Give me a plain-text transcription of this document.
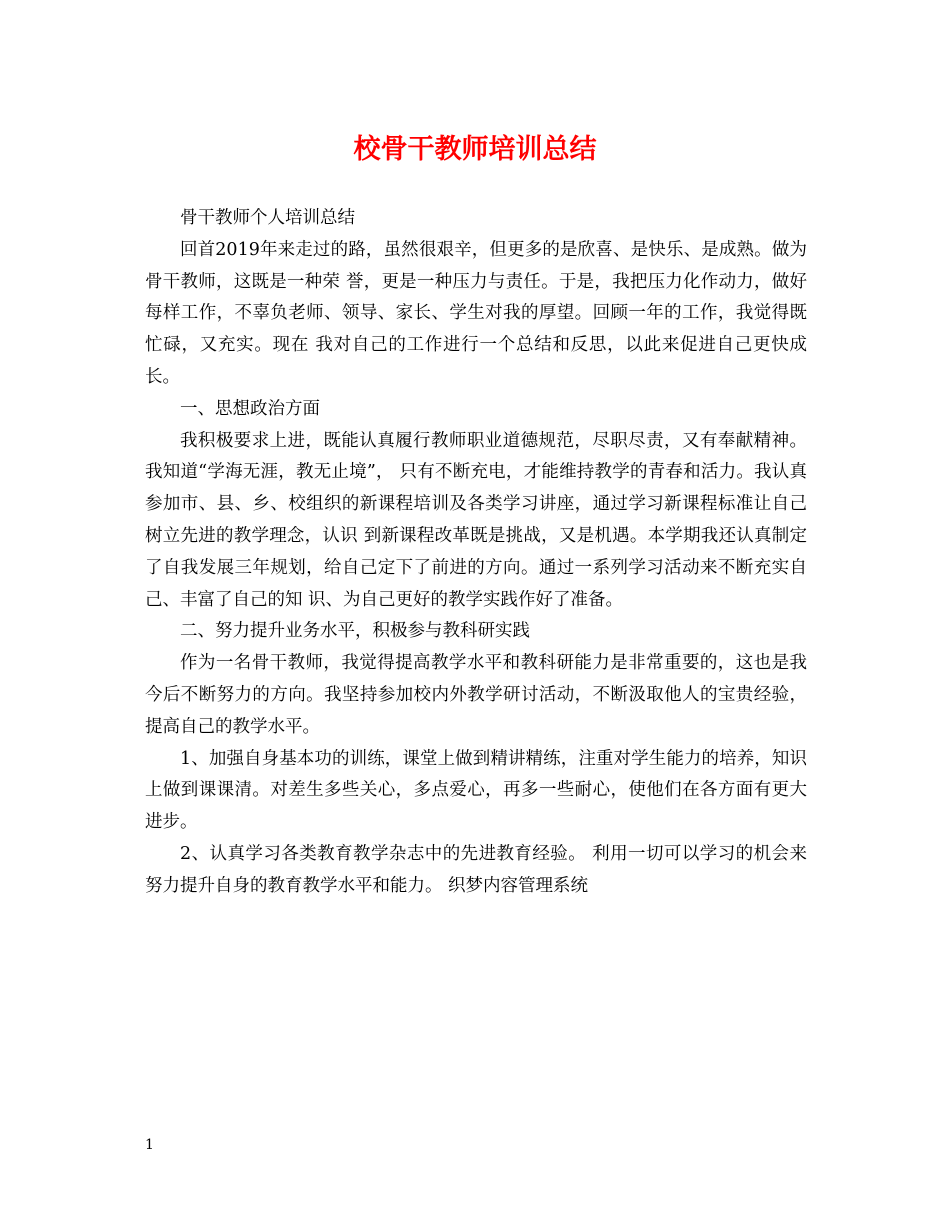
校骨干教师培训总结

骨干教师个人培训总结

回首2019年来走过的路，虽然很艰辛，但更多的是欣喜、是快乐、是成熟。做为骨干教师，这既是一种荣 誉，更是一种压力与责任。于是，我把压力化作动力，做好每样工作，不辜负老师、领导、家长、学生对我的厚望。回顾一年的工作，我觉得既忙碌，又充实。现在 我对自己的工作进行一个总结和反思，以此来促进自己更快成长。

一、思想政治方面

我积极要求上进，既能认真履行教师职业道德规范，尽职尽责，又有奉献精神。我知道“学海无涯，教无止境”， 只有不断充电，才能维持教学的青春和活力。我认真参加市、县、乡、校组织的新课程培训及各类学习讲座，通过学习新课程标准让自己树立先进的教学理念，认识 到新课程改革既是挑战，又是机遇。本学期我还认真制定了自我发展三年规划，给自己定下了前进的方向。通过一系列学习活动来不断充实自己、丰富了自己的知 识、为自己更好的教学实践作好了准备。

二、努力提升业务水平，积极参与教科研实践

作为一名骨干教师，我觉得提高教学水平和教科研能力是非常重要的，这也是我今后不断努力的方向。我坚持参加校内外教学研讨活动，不断汲取他人的宝贵经验，提高自己的教学水平。

1、加强自身基本功的训练，课堂上做到精讲精练，注重对学生能力的培养，知识上做到课课清。对差生多些关心，多点爱心，再多一些耐心，使他们在各方面有更大进步。

2、认真学习各类教育教学杂志中的先进教育经验。 利用一切可以学习的机会来努力提升自身的教育教学水平和能力。 织梦内容管理系统

1
